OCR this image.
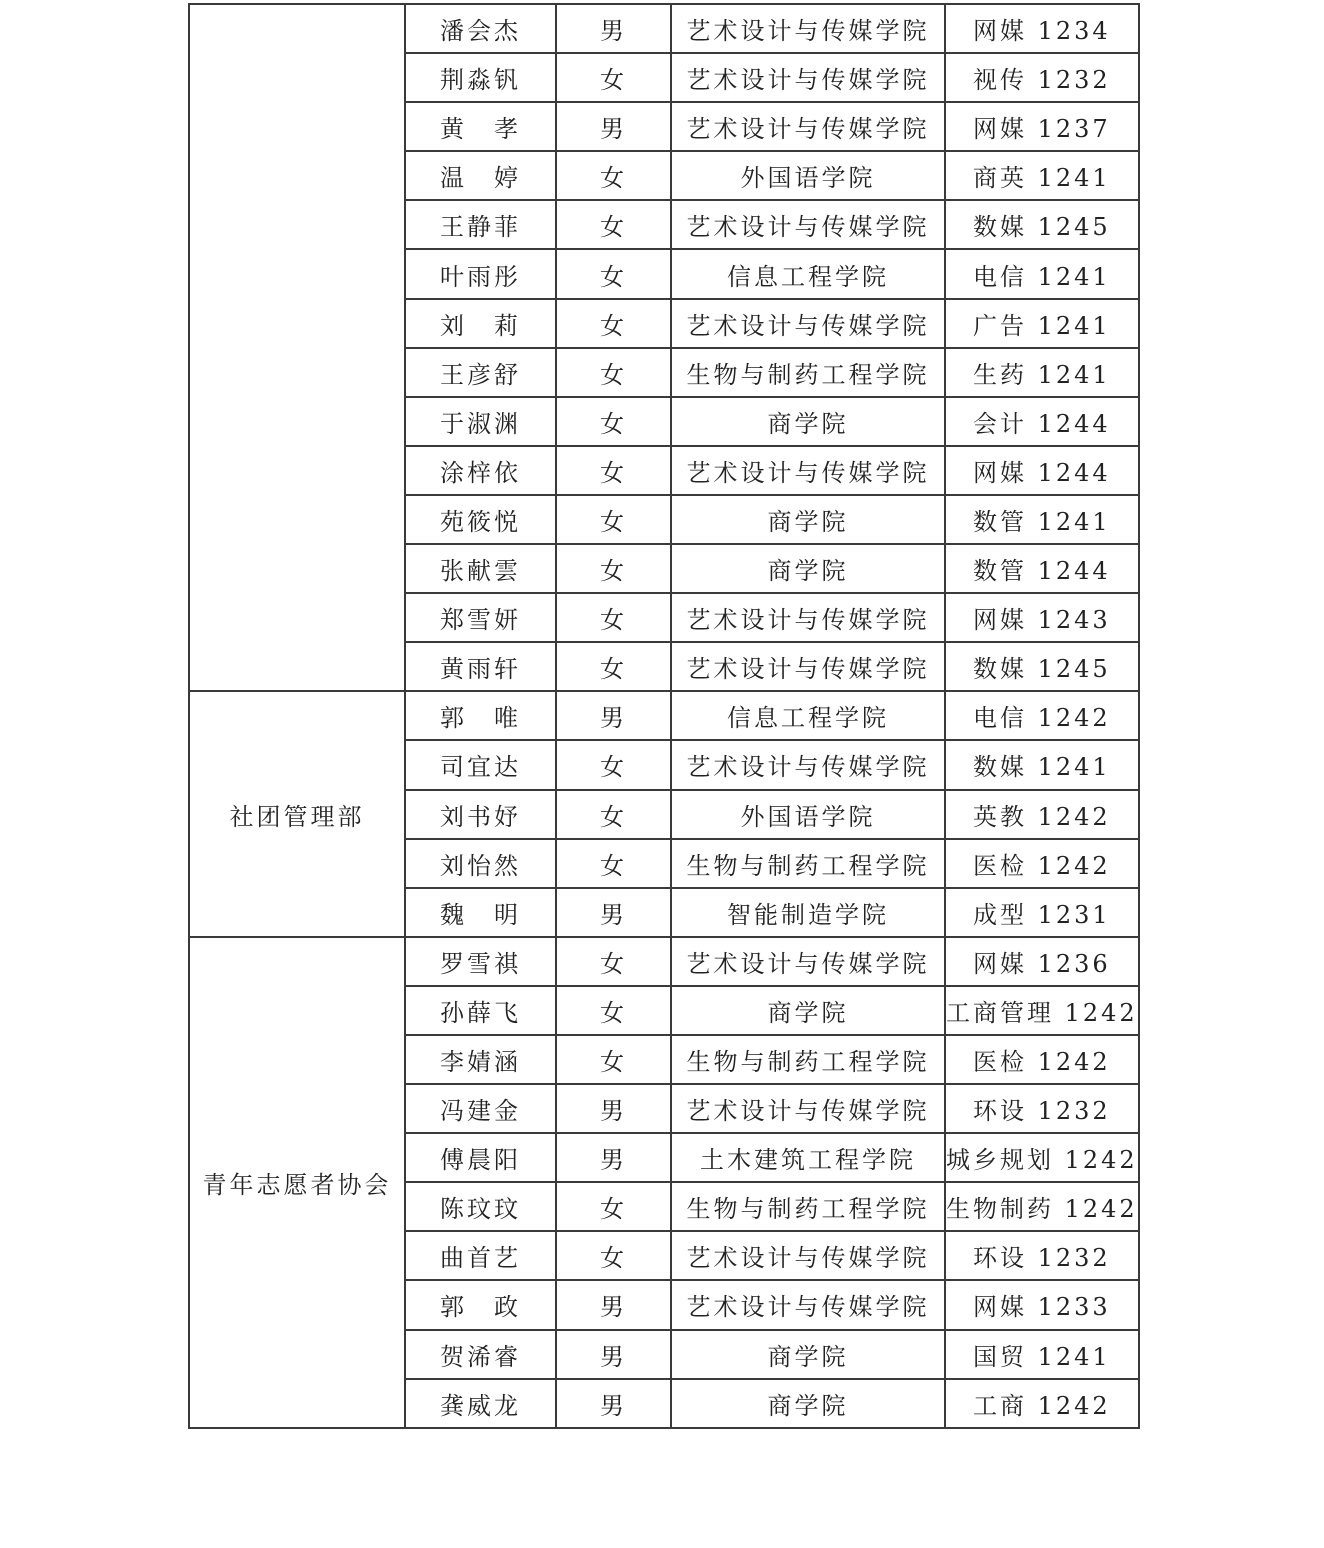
	潘会杰	男	艺术设计与传媒学院	网媒 1234
	荆淼钒	女	艺术设计与传媒学院	视传 1232
	黄　孝	男	艺术设计与传媒学院	网媒 1237
	温　婷	女	外国语学院	商英 1241
	王静菲	女	艺术设计与传媒学院	数媒 1245
	叶雨彤	女	信息工程学院	电信 1241
	刘　莉	女	艺术设计与传媒学院	广告 1241
	王彦舒	女	生物与制药工程学院	生药 1241
	于淑渊	女	商学院	会计 1244
	涂梓依	女	艺术设计与传媒学院	网媒 1244
	苑筱悦	女	商学院	数管 1241
	张献雲	女	商学院	数管 1244
	郑雪妍	女	艺术设计与传媒学院	网媒 1243
	黄雨轩	女	艺术设计与传媒学院	数媒 1245
社团管理部	郭　唯	男	信息工程学院	电信 1242
	司宜达	女	艺术设计与传媒学院	数媒 1241
	刘书妤	女	外国语学院	英教 1242
	刘怡然	女	生物与制药工程学院	医检 1242
	魏　明	男	智能制造学院	成型 1231
青年志愿者协会	罗雪祺	女	艺术设计与传媒学院	网媒 1236
	孙薛飞	女	商学院	工商管理 1242
	李婧涵	女	生物与制药工程学院	医检 1242
	冯建金	男	艺术设计与传媒学院	环设 1232
	傅晨阳	男	土木建筑工程学院	城乡规划 1242
	陈玟玟	女	生物与制药工程学院	生物制药 1242
	曲首艺	女	艺术设计与传媒学院	环设 1232
	郭　政	男	艺术设计与传媒学院	网媒 1233
	贺浠睿	男	商学院	国贸 1241
	龚威龙	男	商学院	工商 1242
